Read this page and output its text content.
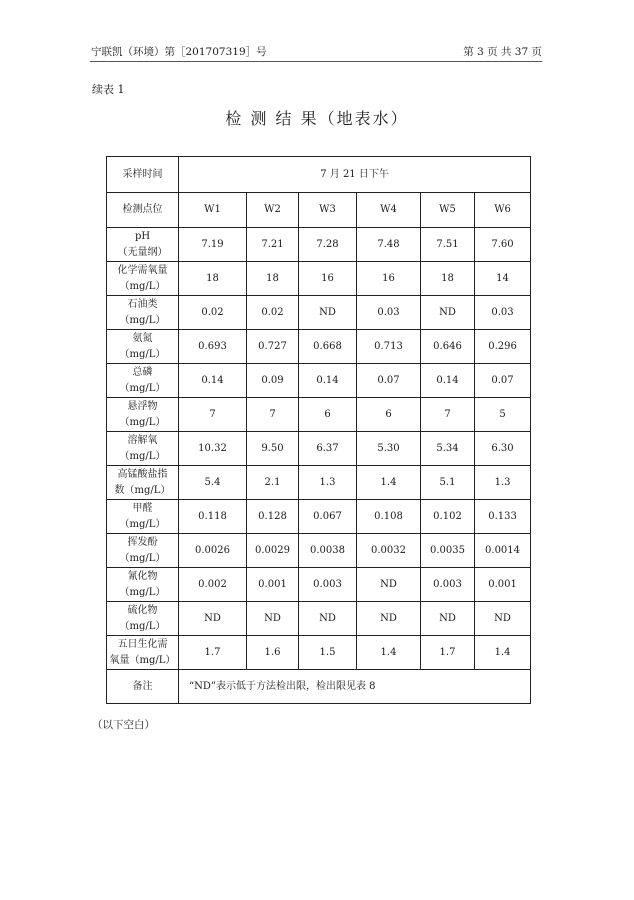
宁联凯（环境）第［201707319］号	第 3 页 共 37 页
续表 1
检 测 结 果（地表水）
采样时间	7 月 21 日下午					
检测点位	W1	W2	W3	W4	W5	W6

pH
（无量纲）	7.19	7.21	7.28	7.48	7.51	7.60

化学需氧量
（mg/L）	18	18	16	16	18	14

石油类
（mg/L）	0.02	0.02	ND	0.03	ND	0.03

氨氮
（mg/L）	0.693	0.727	0.668	0.713	0.646	0.296

总磷
（mg/L）	0.14	0.09	0.14	0.07	0.14	0.07

悬浮物
（mg/L）	7	7	6	6	7	5

溶解氧
（mg/L）	10.32	9.50	6.37	5.30	5.34	6.30

高锰酸盐指
数（mg/L）	5.4	2.1	1.3	1.4	5.1	1.3

甲醛
（mg/L）	0.118	0.128	0.067	0.108	0.102	0.133

挥发酚
（mg/L）	0.0026	0.0029	0.0038	0.0032	0.0035	0.0014

氰化物
（mg/L）	0.002	0.001	0.003	ND	0.003	0.001

硫化物
（mg/L）	ND	ND	ND	ND	ND	ND

五日生化需
氧量（mg/L）	1.7	1.6	1.5	1.4	1.7	1.4
备注	“ND”表示低于方法检出限，检出限见表 8					
（以下空白）
